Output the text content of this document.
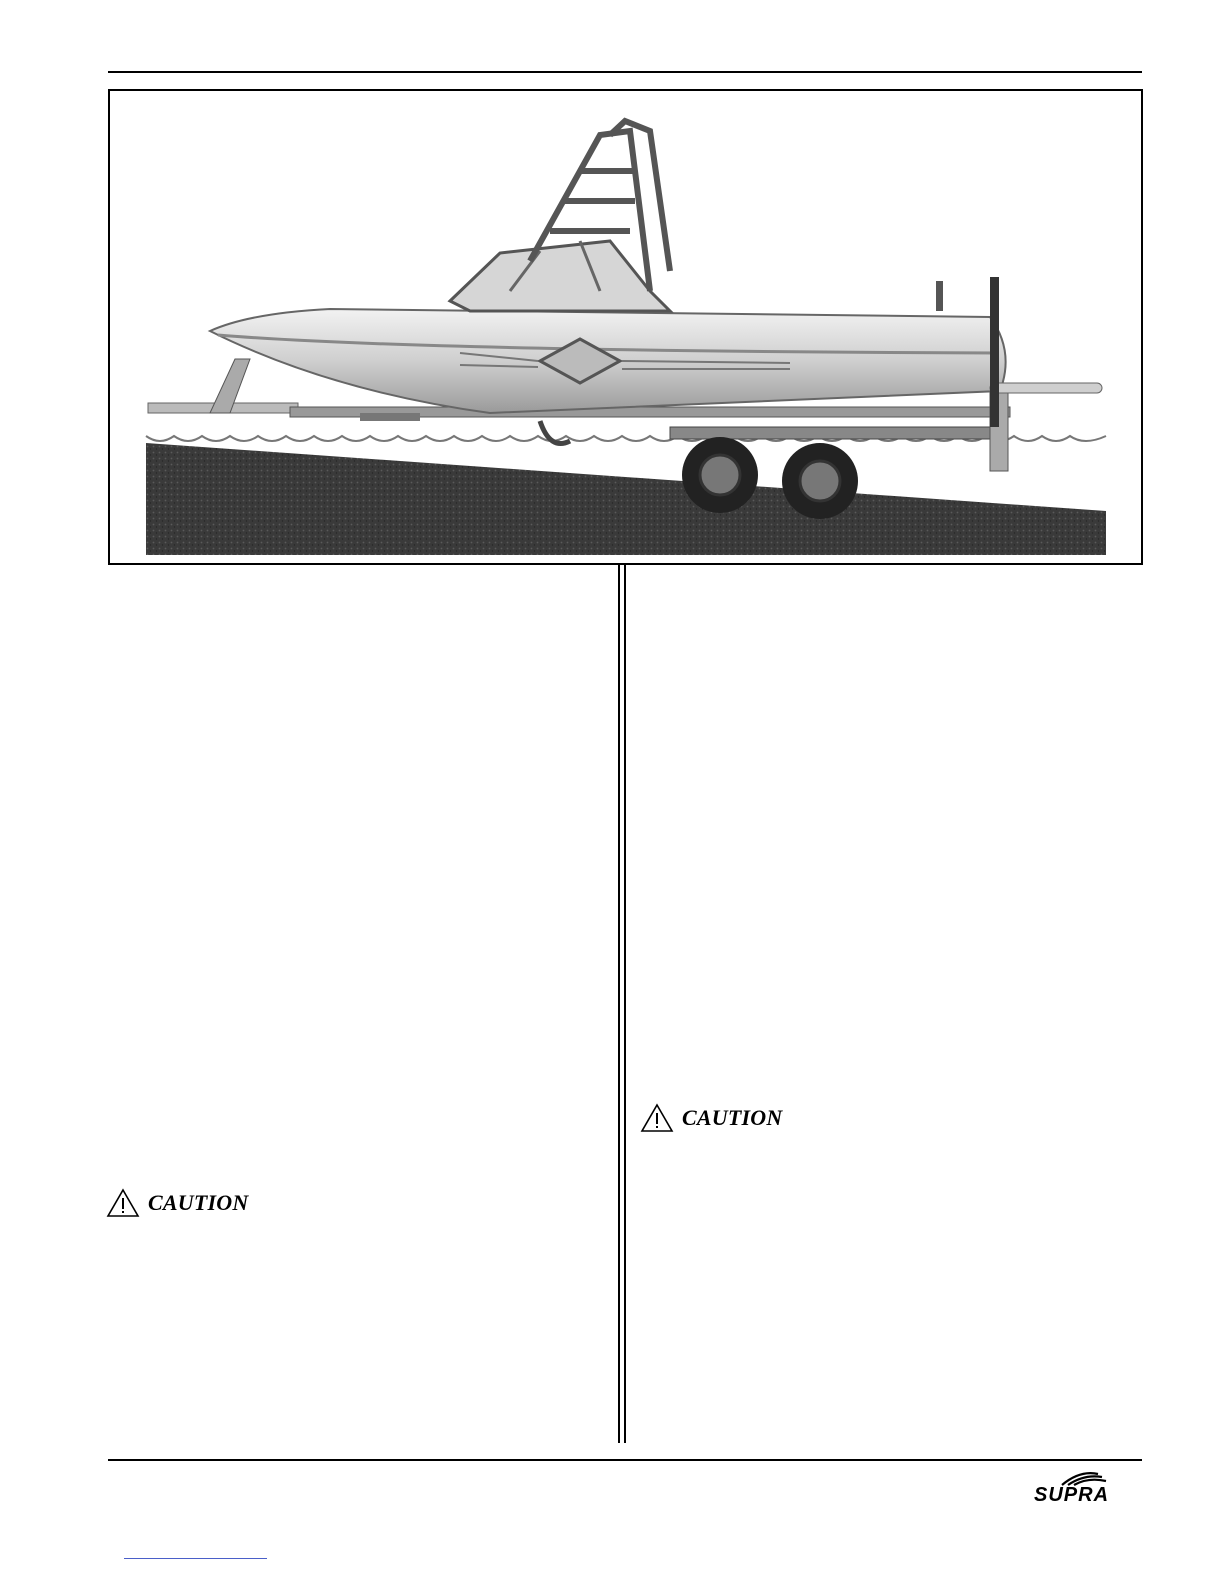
CAUTION
CAUTION
SUPRA
